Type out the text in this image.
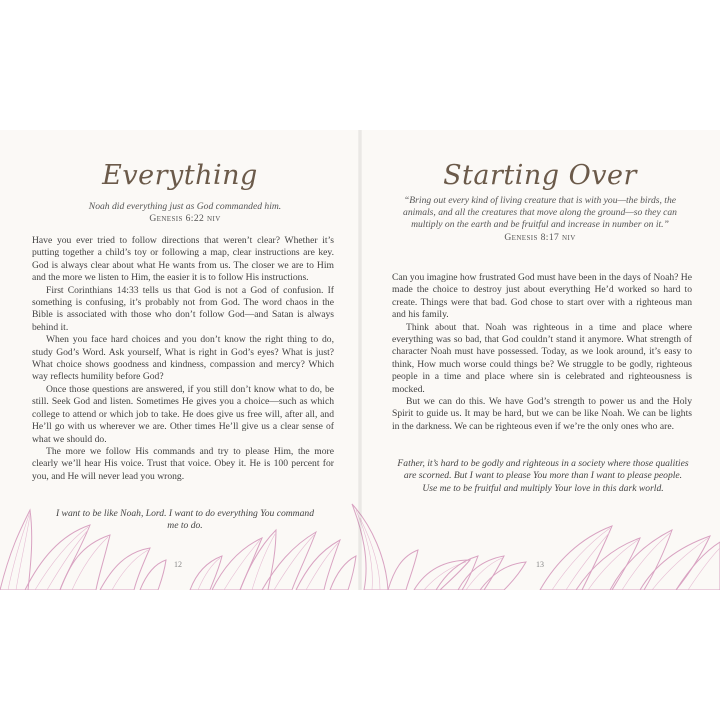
Everything
Noah did everything just as God commanded him.
Genesis 6:22 niv

Have you ever tried to follow directions that weren’t clear? Whether it’s putting together a child’s toy or following a map, clear instructions are key. God is always clear about what He wants from us. The closer we are to Him and the more we listen to Him, the easier it is to follow His instructions.

First Corinthians 14:33 tells us that God is not a God of confusion. If something is confusing, it’s probably not from God. The word chaos in the Bible is associated with those who don’t follow God—and Satan is always behind it.

When you face hard choices and you don’t know the right thing to do, study God’s Word. Ask yourself, What is right in God’s eyes? What is just? What choice shows goodness and kindness, compassion and mercy? Which way reflects humility before God?

Once those questions are answered, if you still don’t know what to do, be still. Seek God and listen. Sometimes He gives you a choice—such as which college to attend or which job to take. He does give us free will, after all, and He’ll go with us wherever we are. Other times He’ll give us a clear sense of what we should do.

The more we follow His commands and try to please Him, the more clearly we’ll hear His voice. Trust that voice. Obey it. He is 100 percent for you, and He will never lead you wrong.

I want to be like Noah, Lord. I want to do everything You command me to do.
12
Starting Over
“Bring out every kind of living creature that is with you—the birds, the animals, and all the creatures that move along the ground—so they can multiply on the earth and be fruitful and increase in number on it.”
Genesis 8:17 niv

Can you imagine how frustrated God must have been in the days of Noah? He made the choice to destroy just about everything He’d worked so hard to create. Things were that bad. God chose to start over with a righteous man and his family.

Think about that. Noah was righteous in a time and place where everything was so bad, that God couldn’t stand it anymore. What strength of character Noah must have possessed. Today, as we look around, it’s easy to think, How much worse could things be? We struggle to be godly, righteous people in a time and place where sin is celebrated and righteousness is mocked.

But we can do this. We have God’s strength to power us and the Holy Spirit to guide us. It may be hard, but we can be like Noah. We can be lights in the darkness. We can be righteous even if we’re the only ones who are.

Father, it’s hard to be godly and righteous in a society where those qualities are scorned. But I want to please You more than I want to please people. Use me to be fruitful and multiply Your love in this dark world.
13
